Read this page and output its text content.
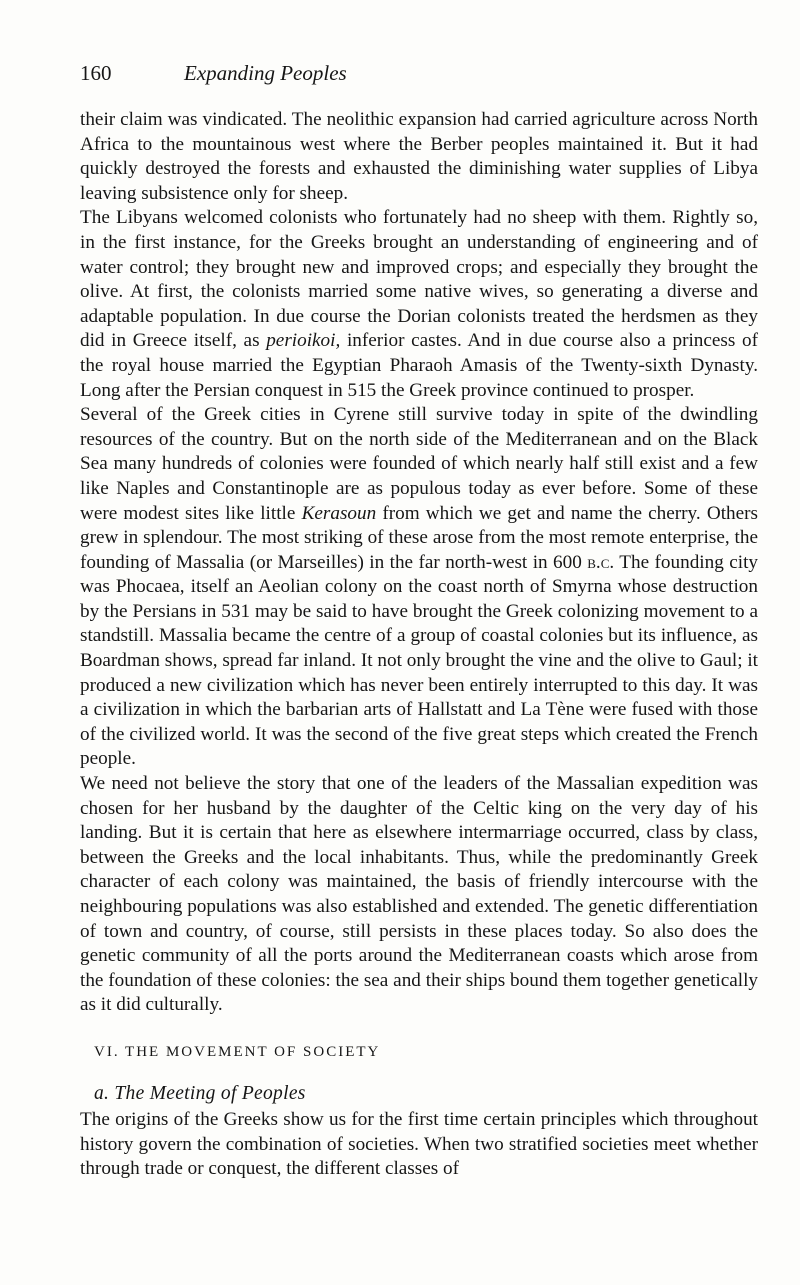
160	Expanding Peoples

their claim was vindicated. The neolithic expansion had carried agriculture across North Africa to the mountainous west where the Berber peoples maintained it. But it had quickly destroyed the forests and exhausted the diminishing water supplies of Libya leaving subsistence only for sheep.

The Libyans welcomed colonists who fortunately had no sheep with them. Rightly so, in the first instance, for the Greeks brought an understanding of engineering and of water control; they brought new and improved crops; and especially they brought the olive. At first, the colonists married some native wives, so generating a diverse and adaptable population. In due course the Dorian colonists treated the herdsmen as they did in Greece itself, as perioikoi, inferior castes. And in due course also a princess of the royal house married the Egyptian Pharaoh Amasis of the Twenty-sixth Dynasty. Long after the Persian conquest in 515 the Greek province continued to prosper.

Several of the Greek cities in Cyrene still survive today in spite of the dwindling resources of the country. But on the north side of the Mediterranean and on the Black Sea many hundreds of colonies were founded of which nearly half still exist and a few like Naples and Constantinople are as populous today as ever before. Some of these were modest sites like little Kerasoun from which we get and name the cherry. Others grew in splendour. The most striking of these arose from the most remote enterprise, the founding of Massalia (or Marseilles) in the far north-west in 600 b.c. The founding city was Phocaea, itself an Aeolian colony on the coast north of Smyrna whose destruction by the Persians in 531 may be said to have brought the Greek colonizing movement to a standstill. Massalia became the centre of a group of coastal colonies but its influence, as Boardman shows, spread far inland. It not only brought the vine and the olive to Gaul; it produced a new civilization which has never been entirely interrupted to this day. It was a civilization in which the barbarian arts of Hallstatt and La Tène were fused with those of the civilized world. It was the second of the five great steps which created the French people.

We need not believe the story that one of the leaders of the Massalian expedition was chosen for her husband by the daughter of the Celtic king on the very day of his landing. But it is certain that here as elsewhere intermarriage occurred, class by class, between the Greeks and the local inhabitants. Thus, while the predominantly Greek character of each colony was maintained, the basis of friendly intercourse with the neighbouring populations was also established and extended. The genetic differentiation of town and country, of course, still persists in these places today. So also does the genetic community of all the ports around the Mediterranean coasts which arose from the foundation of these colonies: the sea and their ships bound them together genetically as it did culturally.

VI. THE MOVEMENT OF SOCIETY
a. The Meeting of Peoples

The origins of the Greeks show us for the first time certain principles which throughout history govern the combination of societies. When two stratified societies meet whether through trade or conquest, the different classes of
